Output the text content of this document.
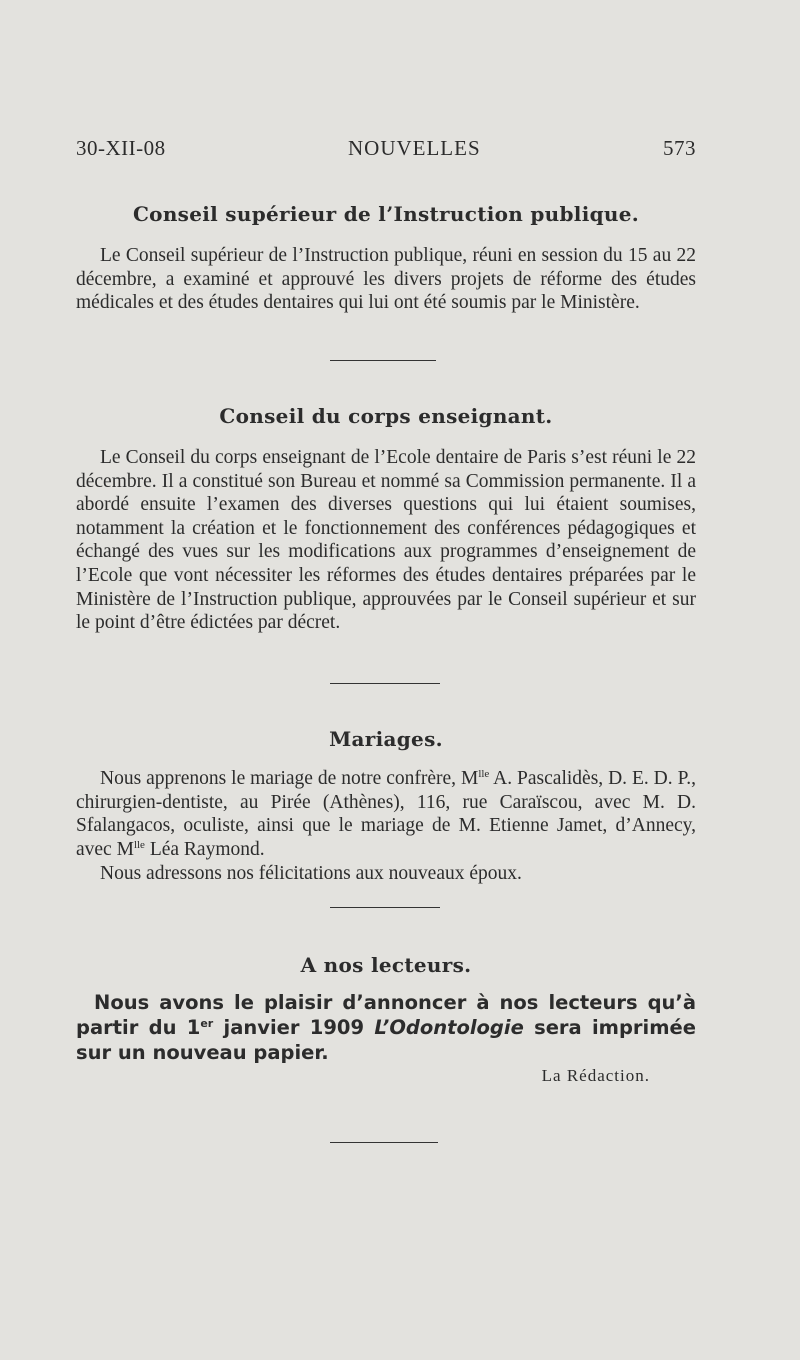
30-XII-08	NOUVELLES	573
Conseil supérieur de l’Instruction publique.
Le Conseil supérieur de l’Instruction publique, réuni en session du 15 au 22 décembre, a examiné et approuvé les divers projets de réforme des études médicales et des études dentaires qui lui ont été soumis par le Ministère.
Conseil du corps enseignant.
Le Conseil du corps enseignant de l’Ecole dentaire de Paris s’est réuni le 22 décembre. Il a constitué son Bureau et nommé sa Commission permanente. Il a abordé ensuite l’examen des diverses questions qui lui étaient soumises, notamment la création et le fonctionnement des conférences pédagogiques et échangé des vues sur les modifications aux programmes d’enseignement de l’Ecole que vont nécessiter les réformes des études dentaires préparées par le Ministère de l’Instruction publique, approuvées par le Conseil supérieur et sur le point d’être édictées par décret.
Mariages.
Nous apprenons le mariage de notre confrère, $M^{lle}$ A. Pascalidès, D. E. D. P., chirurgien-dentiste, au Pirée (Athènes), 116, rue Caraïscou, avec M. D. Sfalangacos, oculiste, ainsi que le mariage de M. Etienne Jamet, d’Annecy, avec $M^{lle}$ Léa Raymond.
Nous adressons nos félicitations aux nouveaux époux.
A nos lecteurs.
Nous avons le plaisir d’annoncer à nos lecteurs qu’à partir du 1er janvier 1909 L’Odontologie sera imprimée sur un nouveau papier.
La Rédaction.
